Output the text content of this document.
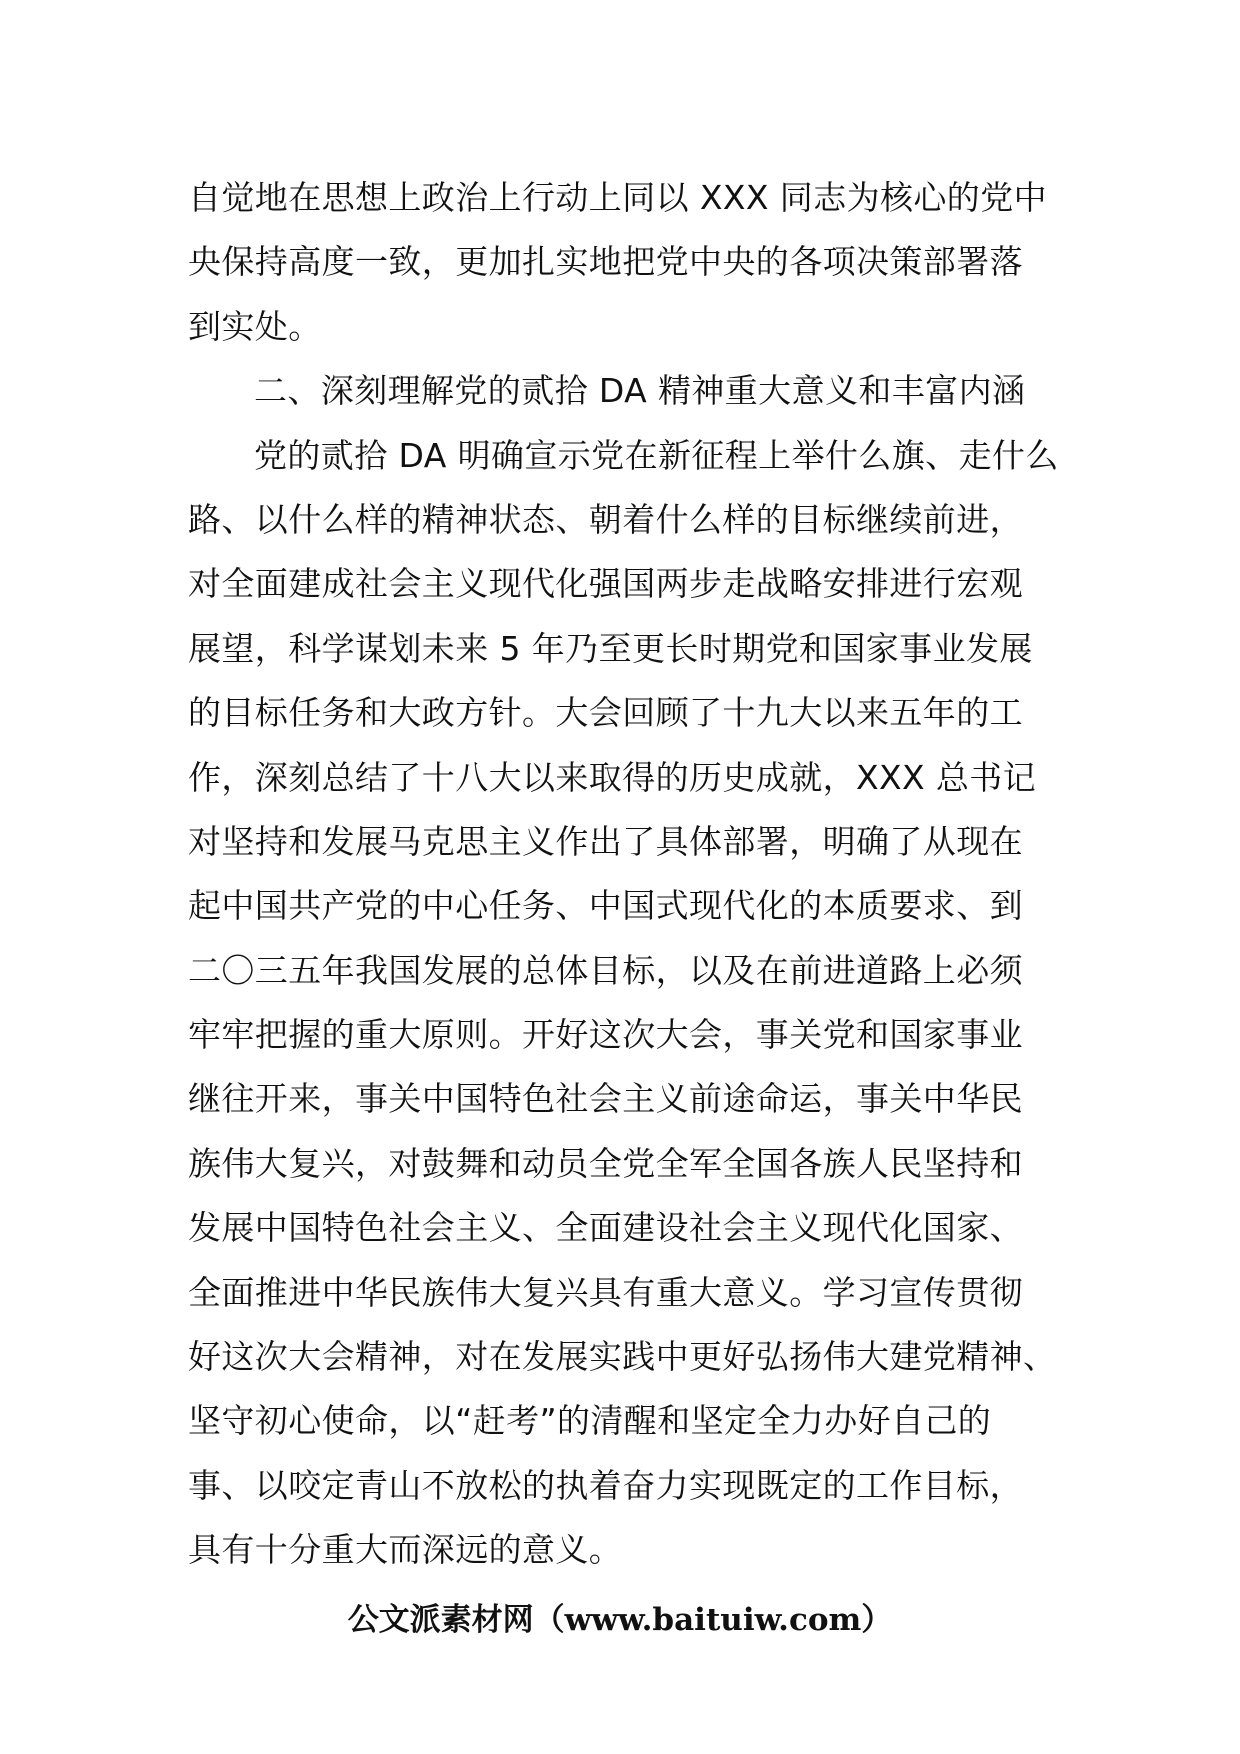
自觉地在思想上政治上行动上同以 XXX 同志为核心的党中
央保持高度一致，更加扎实地把党中央的各项决策部署落
到实处。
二、深刻理解党的贰拾 DA 精神重大意义和丰富内涵
党的贰拾 DA 明确宣示党在新征程上举什么旗、走什么
路、以什么样的精神状态、朝着什么样的目标继续前进，
对全面建成社会主义现代化强国两步走战略安排进行宏观
展望，科学谋划未来 5 年乃至更长时期党和国家事业发展
的目标任务和大政方针。大会回顾了十九大以来五年的工
作，深刻总结了十八大以来取得的历史成就，XXX 总书记
对坚持和发展马克思主义作出了具体部署，明确了从现在
起中国共产党的中心任务、中国式现代化的本质要求、到
二〇三五年我国发展的总体目标，以及在前进道路上必须
牢牢把握的重大原则。开好这次大会，事关党和国家事业
继往开来，事关中国特色社会主义前途命运，事关中华民
族伟大复兴，对鼓舞和动员全党全军全国各族人民坚持和
发展中国特色社会主义、全面建设社会主义现代化国家、
全面推进中华民族伟大复兴具有重大意义。学习宣传贯彻
好这次大会精神，对在发展实践中更好弘扬伟大建党精神、
坚守初心使命，以“赶考”的清醒和坚定全力办好自己的
事、以咬定青山不放松的执着奋力实现既定的工作目标，
具有十分重大而深远的意义。
公文派素材网（www.baituiw.com）
